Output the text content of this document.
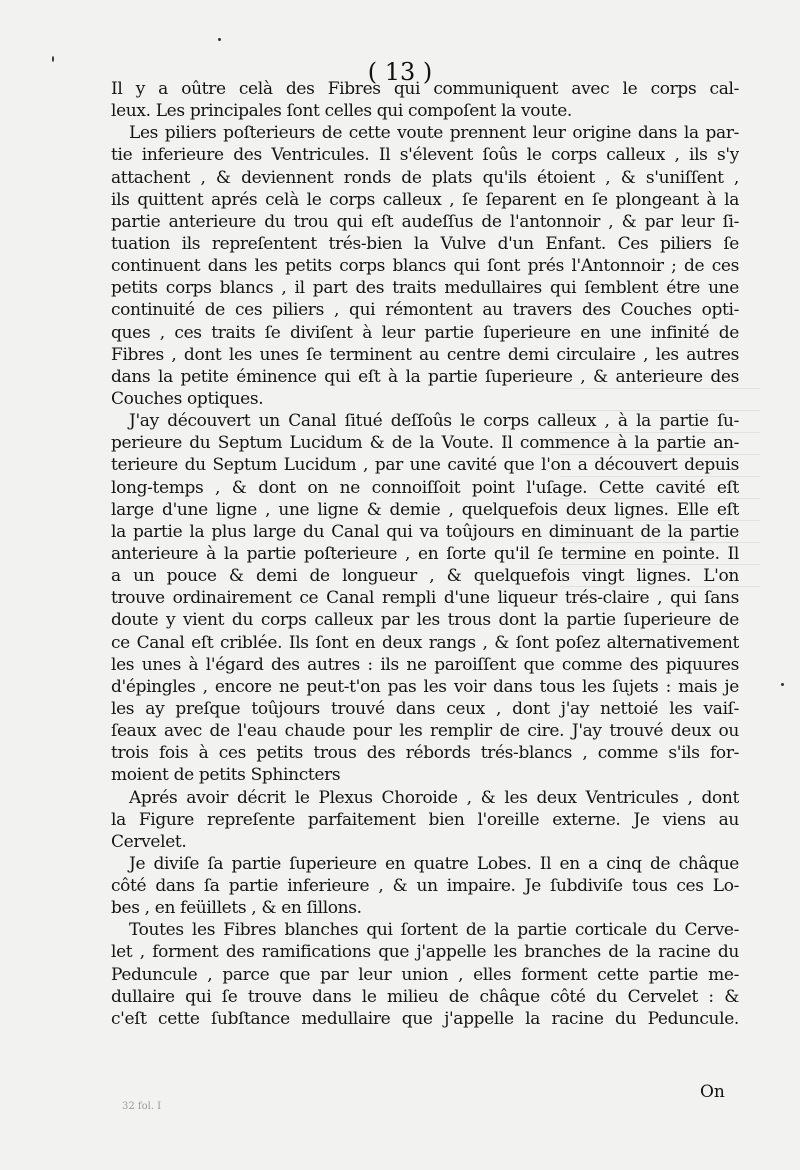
( 13 )
Il y a oûtre celà des Fibres qui communiquent avec le corps cal-
leux. Les principales ſont celles qui compoſent la voute.
Les piliers poſterieurs de cette voute prennent leur origine dans la par-
tie inferieure des Ventricules. Il s'élevent ſoûs le corps calleux , ils s'y
attachent , & deviennent ronds de plats qu'ils étoient , & s'uniſſent ,
ils quittent aprés celà le corps calleux , ſe ſeparent en ſe plongeant à la
partie anterieure du trou qui eſt audeſſus de l'antonnoir , & par leur ſi-
tuation ils repreſentent trés-bien la Vulve d'un Enfant. Ces piliers ſe
continuent dans les petits corps blancs qui ſont prés l'Antonnoir ; de ces
petits corps blancs , il part des traits medullaires qui ſemblent étre une
continuité de ces piliers , qui rémontent au travers des Couches opti-
ques , ces traits ſe diviſent à leur partie ſuperieure en une infinité de
Fibres , dont les unes ſe terminent au centre demi circulaire , les autres
dans la petite éminence qui eſt à la partie ſuperieure , & anterieure des
Couches optiques.
J'ay découvert un Canal ſitué deſſoûs le corps calleux , à la partie ſu-
perieure du Septum Lucidum & de la Voute. Il commence à la partie an-
terieure du Septum Lucidum , par une cavité que l'on a découvert depuis
long-temps , & dont on ne connoiſſoit point l'uſage. Cette cavité eſt
large d'une ligne , une ligne & demie , quelquefois deux lignes. Elle eſt
la partie la plus large du Canal qui va toûjours en diminuant de la partie
anterieure à la partie poſterieure , en ſorte qu'il ſe termine en pointe. Il
a un pouce & demi de longueur , & quelquefois vingt lignes. L'on
trouve ordinairement ce Canal rempli d'une liqueur trés-claire , qui ſans
doute y vient du corps calleux par les trous dont la partie ſuperieure de
ce Canal eſt criblée. Ils ſont en deux rangs , & ſont poſez alternativement
les unes à l'égard des autres : ils ne paroiſſent que comme des piquures
d'épingles , encore ne peut-t'on pas les voir dans tous les ſujets : mais je
les ay preſque toûjours trouvé dans ceux , dont j'ay nettoié les vaiſ-
ſeaux avec de l'eau chaude pour les remplir de cire. J'ay trouvé deux ou
trois fois à ces petits trous des rébords trés-blancs , comme s'ils for-
moient de petits Sphincters
Aprés avoir décrit le Plexus Choroide , & les deux Ventricules , dont
la Figure repreſente parfaitement bien l'oreille externe. Je viens au
Cervelet.
Je diviſe ſa partie ſuperieure en quatre Lobes. Il en a cinq de châque
côté dans ſa partie inferieure , & un impaire. Je ſubdiviſe tous ces Lo-
bes , en feüillets , & en ſillons.
Toutes les Fibres blanches qui ſortent de la partie corticale du Cerve-
let , forment des ramifications que j'appelle les branches de la racine du
Peduncule , parce que par leur union , elles forment cette partie me-
dullaire qui ſe trouve dans le milieu de châque côté du Cervelet : &
c'eſt cette ſubſtance medullaire que j'appelle la racine du Peduncule.
On
32 fol. I
